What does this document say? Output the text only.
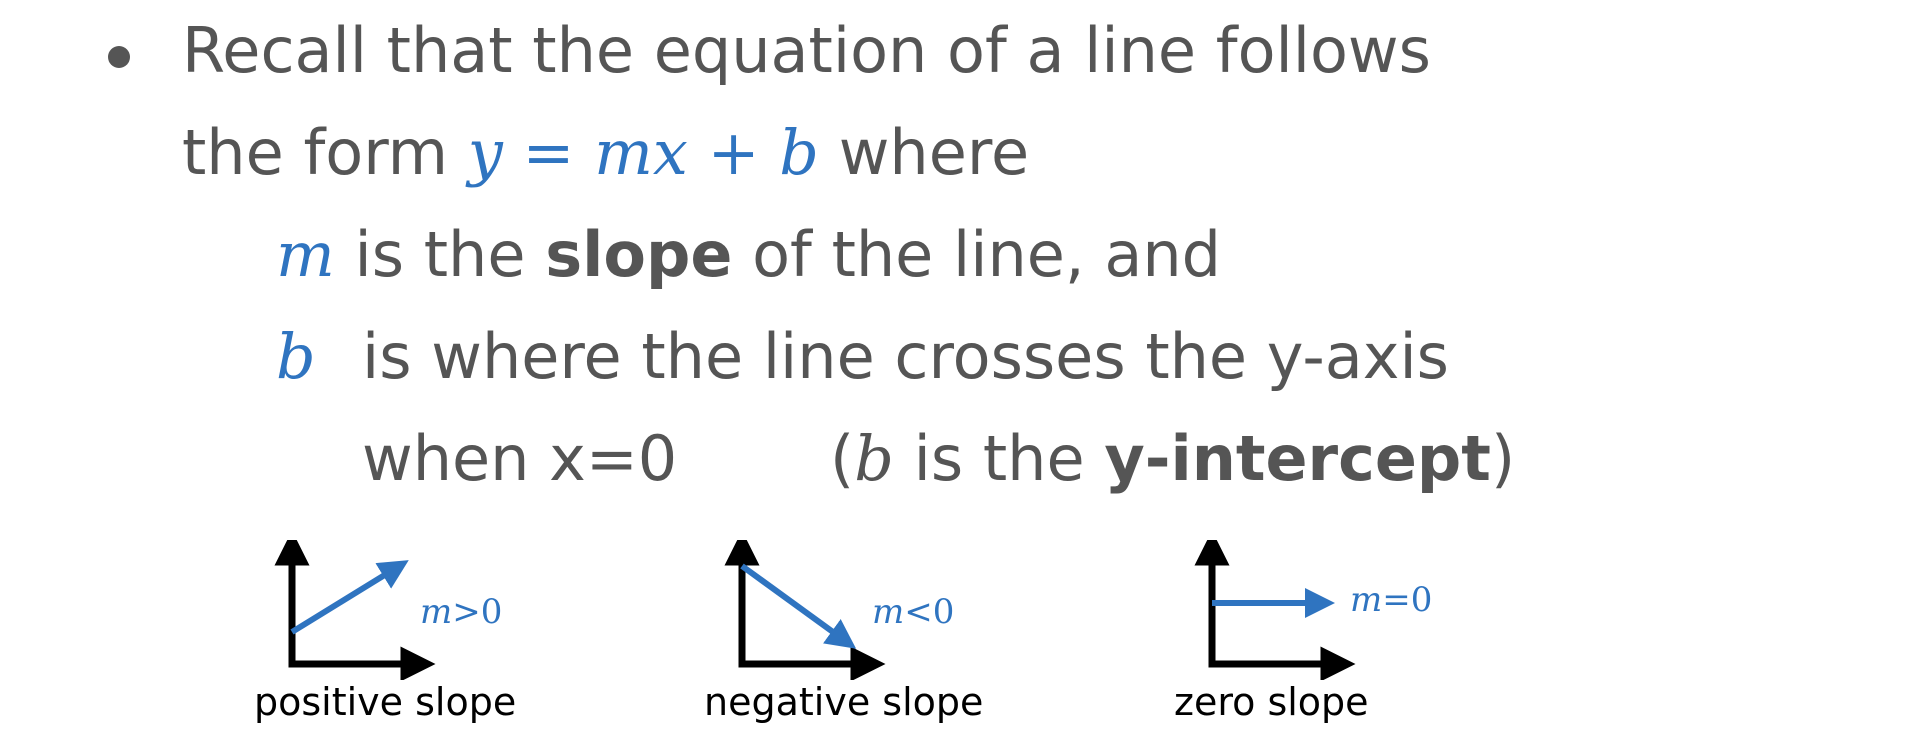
Recall that the equation of a line follows
the form y = mx + b where
m is the slope of the line, and
b is where the line crosses the y-axis
when x=0 (b is the y-intercept)
m>0
positive slope
m<0
negative slope
m=0
zero slope
